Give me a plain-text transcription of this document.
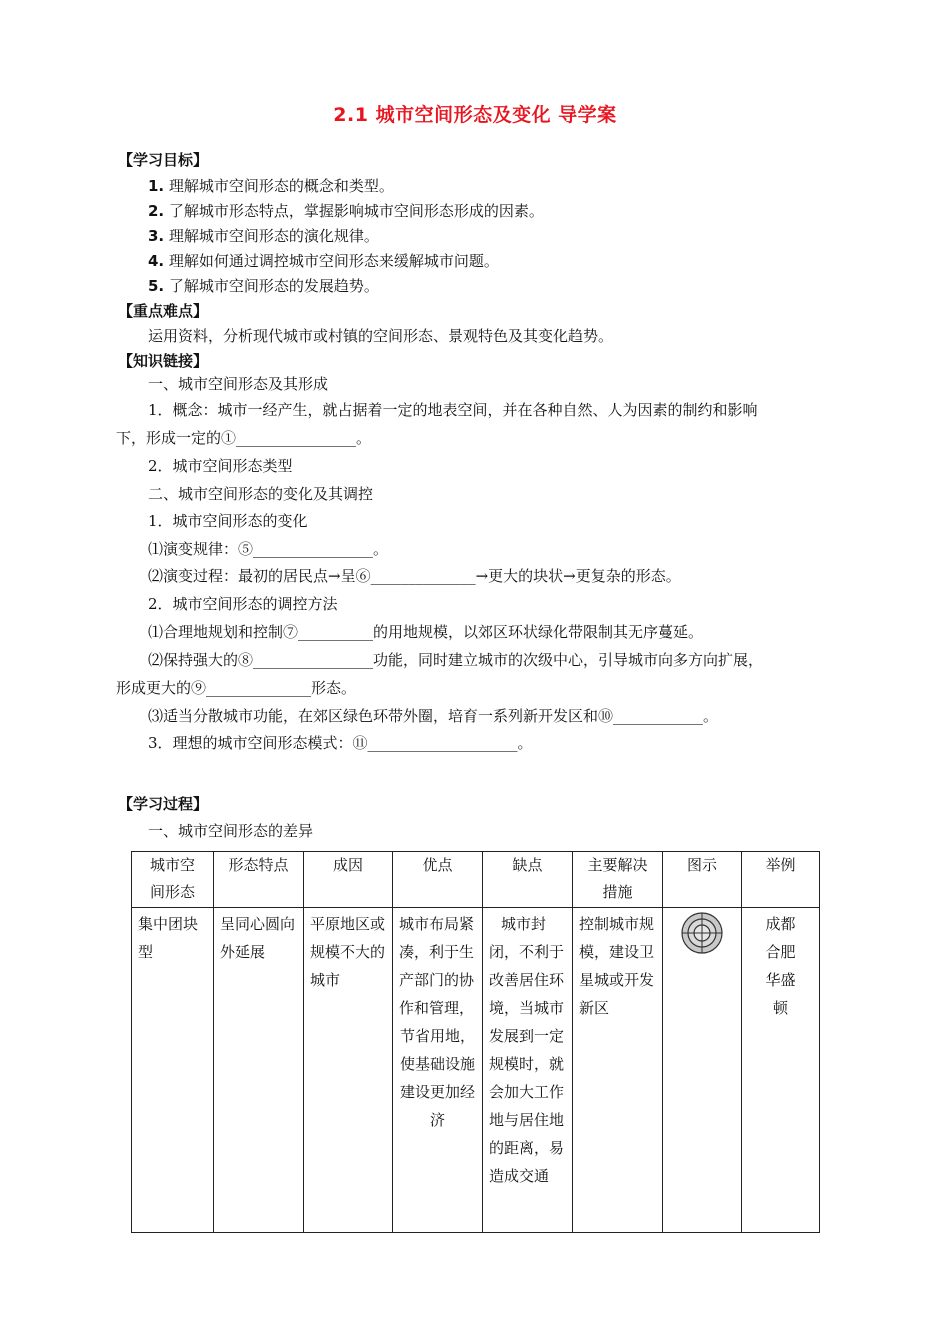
2.1 城市空间形态及变化 导学案
【学习目标】
1. 理解城市空间形态的概念和类型。
2. 了解城市形态特点，掌握影响城市空间形态形成的因素。
3. 理解城市空间形态的演化规律。
4. 理解如何通过调控城市空间形态来缓解城市问题。
5. 了解城市空间形态的发展趋势。
【重点难点】
运用资料，分析现代城市或村镇的空间形态、景观特色及其变化趋势。
【知识链接】
一、城市空间形态及其形成
1．概念：城市一经产生，就占据着一定的地表空间，并在各种自然、人为因素的制约和影响
下，形成一定的①________________。
2．城市空间形态类型
二、城市空间形态的变化及其调控
1．城市空间形态的变化
⑴演变规律：⑤________________。
⑵演变过程：最初的居民点→呈⑥______________→更大的块状→更复杂的形态。
2．城市空间形态的调控方法
⑴合理地规划和控制⑦__________的用地规模，以郊区环状绿化带限制其无序蔓延。
⑵保持强大的⑧________________功能，同时建立城市的次级中心，引导城市向多方向扩展，
形成更大的⑨______________形态。
⑶适当分散城市功能，在郊区绿色环带外圈，培育一系列新开发区和⑩____________。
3．理想的城市空间形态模式：⑪____________________。
【学习过程】
一、城市空间形态的差异
城市空间形态	形态特点	成因	优点	缺点	主要解决措施	图示	举例

集中团块型	呈同心圆向外延展	平原地区或规模不大的城市	城市布局紧凑，利于生产部门的协作和管理，
节省用地，使基础设施建设更加经济	城市封闭，不利于改善居住环境，当城市发展到一定规模时，就会加大工作地与居住地的距离，易造成交通	控制城市规模，建设卫星城或开发新区		成都合肥华盛顿
